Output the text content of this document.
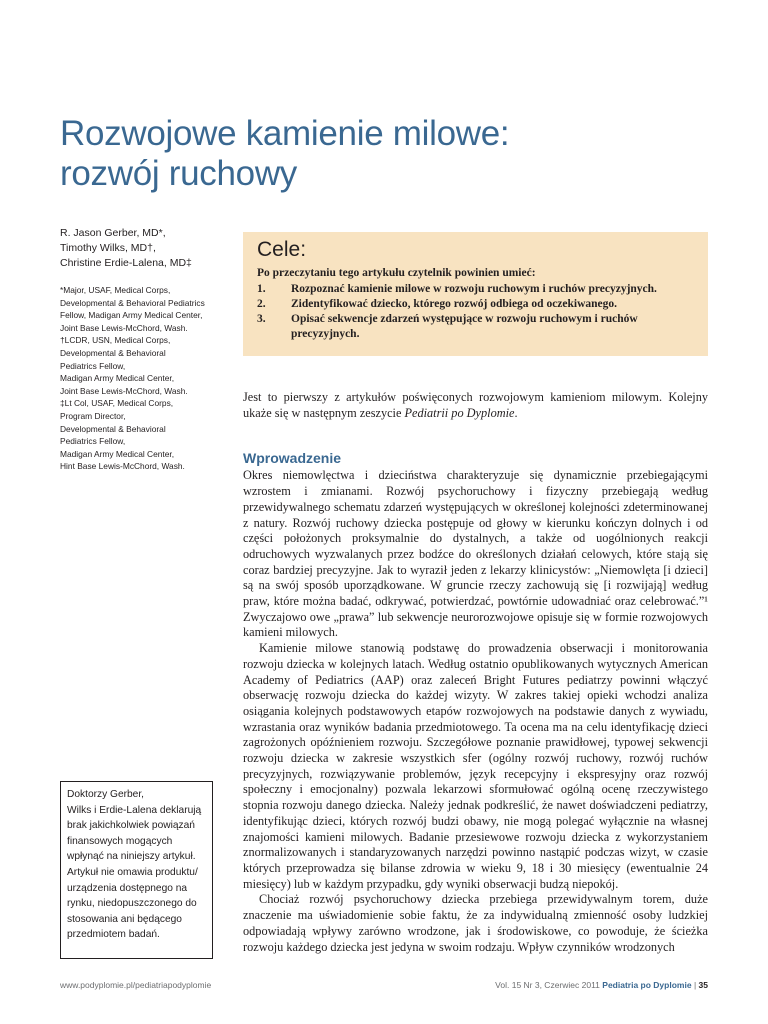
Rozwojowe kamienie milowe:
rozwój ruchowy
R. Jason Gerber, MD*,
Timothy Wilks, MD†,
Christine Erdie-Lalena, MD‡
*Major, USAF, Medical Corps,
Developmental & Behavioral Pediatrics
Fellow, Madigan Army Medical Center,
Joint Base Lewis-McChord, Wash.
†LCDR, USN, Medical Corps,
Developmental & Behavioral
Pediatrics Fellow,
Madigan Army Medical Center,
Joint Base Lewis-McChord, Wash.
‡Lt Col, USAF, Medical Corps,
Program Director,
Developmental & Behavioral
Pediatrics Fellow,
Madigan Army Medical Center,
Hint Base Lewis-McChord, Wash.
Cele:
Po przeczytaniu tego artykułu czytelnik powinien umieć:
1. Rozpoznać kamienie milowe w rozwoju ruchowym i ruchów precyzyjnych.
2. Zidentyfikować dziecko, którego rozwój odbiega od oczekiwanego.
3. Opisać sekwencje zdarzeń występujące w rozwoju ruchowym i ruchów precyzyjnych.

Jest to pierwszy z artykułów poświęconych rozwojowym kamieniom milowym. Kolejny ukaże się w następnym zeszycie Pediatrii po Dyplomie.

Wprowadzenie

Okres niemowlęctwa i dzieciństwa charakteryzuje się dynamicznie przebiegającymi wzrostem i zmianami. Rozwój psychoruchowy i fizyczny przebiegają według przewidywalnego schematu zdarzeń występujących w określonej kolejności zdeterminowanej z natury. Rozwój ruchowy dziecka postępuje od głowy w kierunku kończyn dolnych i od części położonych proksymalnie do dystalnych, a także od uogólnionych reakcji odruchowych wyzwalanych przez bodźce do określonych działań celowych, które stają się coraz bardziej precyzyjne. Jak to wyraził jeden z lekarzy klinicystów: „Niemowlęta [i dzieci] są na swój sposób uporządkowane. W gruncie rzeczy zachowują się [i rozwijają] według praw, które można badać, odkrywać, potwierdzać, powtórnie udowadniać oraz celebrować.”¹ Zwyczajowo owe „prawa” lub sekwencje neurorozwojowe opisuje się w formie rozwojowych kamieni milowych.

Kamienie milowe stanowią podstawę do prowadzenia obserwacji i monitorowania rozwoju dziecka w kolejnych latach. Według ostatnio opublikowanych wytycznych American Academy of Pediatrics (AAP) oraz zaleceń Bright Futures pediatrzy powinni włączyć obserwację rozwoju dziecka do każdej wizyty. W zakres takiej opieki wchodzi analiza osiągania kolejnych podstawowych etapów rozwojowych na podstawie danych z wywiadu, wzrastania oraz wyników badania przedmiotowego. Ta ocena ma na celu identyfikację dzieci zagrożonych opóźnieniem rozwoju. Szczegółowe poznanie prawidłowej, typowej sekwencji rozwoju dziecka w zakresie wszystkich sfer (ogólny rozwój ruchowy, rozwój ruchów precyzyjnych, rozwiązywanie problemów, język recepcyjny i ekspresyjny oraz rozwój społeczny i emocjonalny) pozwala lekarzowi sformułować ogólną ocenę rzeczywistego stopnia rozwoju danego dziecka. Należy jednak podkreślić, że nawet doświadczeni pediatrzy, identyfikując dzieci, których rozwój budzi obawy, nie mogą polegać wyłącznie na własnej znajomości kamieni milowych. Badanie przesiewowe rozwoju dziecka z wykorzystaniem znormalizowanych i standaryzowanych narzędzi powinno nastąpić podczas wizyt, w czasie których przeprowadza się bilanse zdrowia w wieku 9, 18 i 30 miesięcy (ewentualnie 24 miesięcy) lub w każdym przypadku, gdy wyniki obserwacji budzą niepokój.

Chociaż rozwój psychoruchowy dziecka przebiega przewidywalnym torem, duże znaczenie ma uświadomienie sobie faktu, że za indywidualną zmienność osoby ludzkiej odpowiadają wpływy zarówno wrodzone, jak i środowiskowe, co powoduje, że ścieżka rozwoju każdego dziecka jest jedyna w swoim rodzaju. Wpływ czynników wrodzonych

Doktorzy Gerber,
Wilks i Erdie-Lalena deklarują
brak jakichkolwiek powiązań
finansowych mogących
wpłynąć na niniejszy artykuł.
Artykuł nie omawia produktu/
urządzenia dostępnego na
rynku, niedopuszczonego do
stosowania ani będącego
przedmiotem badań.
www.podyplomie.pl/pediatriapodyplomie	Vol. 15 Nr 3, Czerwiec 2011 Pediatria po Dyplomie | 35
